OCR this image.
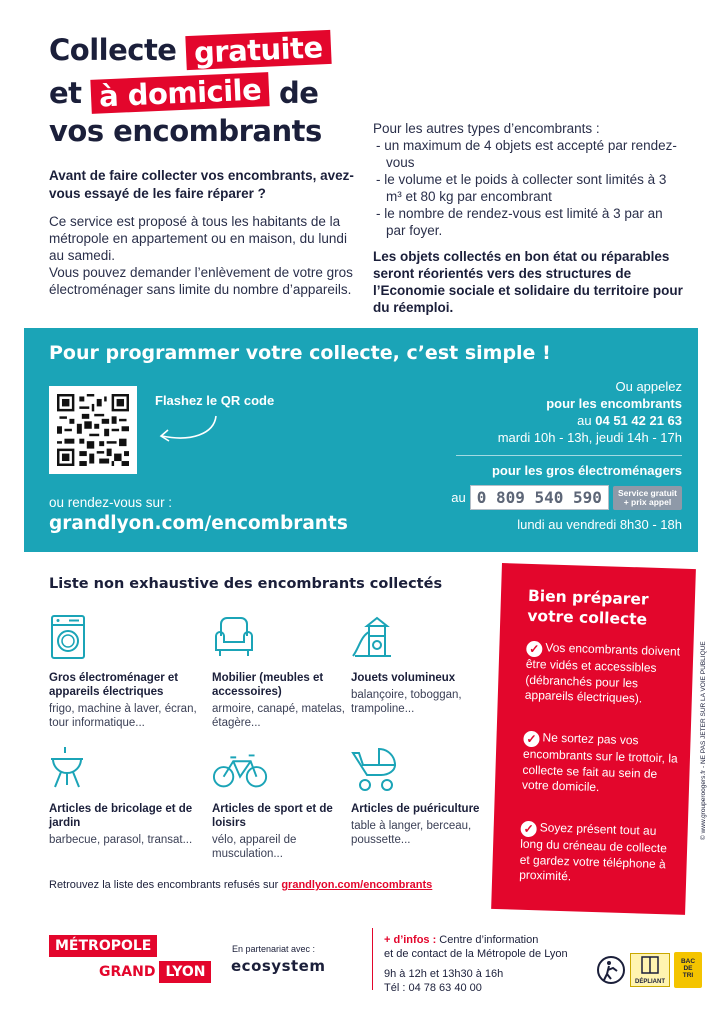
Collecte gratuite
et à domicile de
vos encombrants
Avant de faire collecter vos encombrants, avez-vous essayé de les faire réparer ?
Ce service est proposé à tous les habitants de la métropole en appartement ou en maison, du lundi au samedi.
Vous pouvez demander l’enlèvement de votre gros électroménager sans limite du nombre d’appareils.
Pour les autres types d’encombrants :
- un maximum de 4 objets est accepté par rendez-vous
- le volume et le poids à collecter sont limités à 3 m³ et 80 kg par encombrant
- le nombre de rendez-vous est limité à 3 par an par foyer.
Les objets collectés en bon état ou réparables seront réorientés vers des structures de l’Economie sociale et solidaire du territoire pour du réemploi.
Pour programmer votre collecte, c’est simple !
Flashez le QR code
ou rendez-vous sur :
grandlyon.com/encombrants
Ou appelez
pour les encombrants
au 04 51 42 21 63
mardi 10h - 13h, jeudi 14h - 17h
pour les gros électroménagers
au 0 809 540 590	Service gratuit
+ prix appel
lundi au vendredi 8h30 - 18h
Liste non exhaustive des encombrants collectés
Gros électroménager et appareils électriques

frigo, machine à laver, écran, tour informatique...

Mobilier (meubles et accessoires)

armoire, canapé, matelas, étagère...

Jouets volumineux

balançoire, toboggan, trampoline...

Articles de bricolage et de jardin

barbecue, parasol, transat...

Articles de sport et de loisirs

vélo, appareil de musculation...

Articles de puériculture

table à langer, berceau, poussette...

Retrouvez la liste des encombrants refusés sur grandlyon.com/encombrants
Bien préparer
votre collecte
✓ Vos encombrants doivent être vidés et accessibles (débranchés pour les appareils électriques).
✓ Ne sortez pas vos encombrants sur le trottoir, la collecte se fait au sein de votre domicile.
✓ Soyez présent tout au long du créneau de collecte et gardez votre téléphone à proximité.
© www.grouperoogers.fr - NE PAS JETER SUR LA VOIE PUBLIQUE
MÉTROPOLE
GRAND LYON
En partenariat avec :
ecosystem
+ d’infos : Centre d’information
et de contact de la Métropole de Lyon
9h à 12h et 13h30 à 16h
Tél : 04 78 63 40 00	DÉPLIANT
BAC
DE
TRI
